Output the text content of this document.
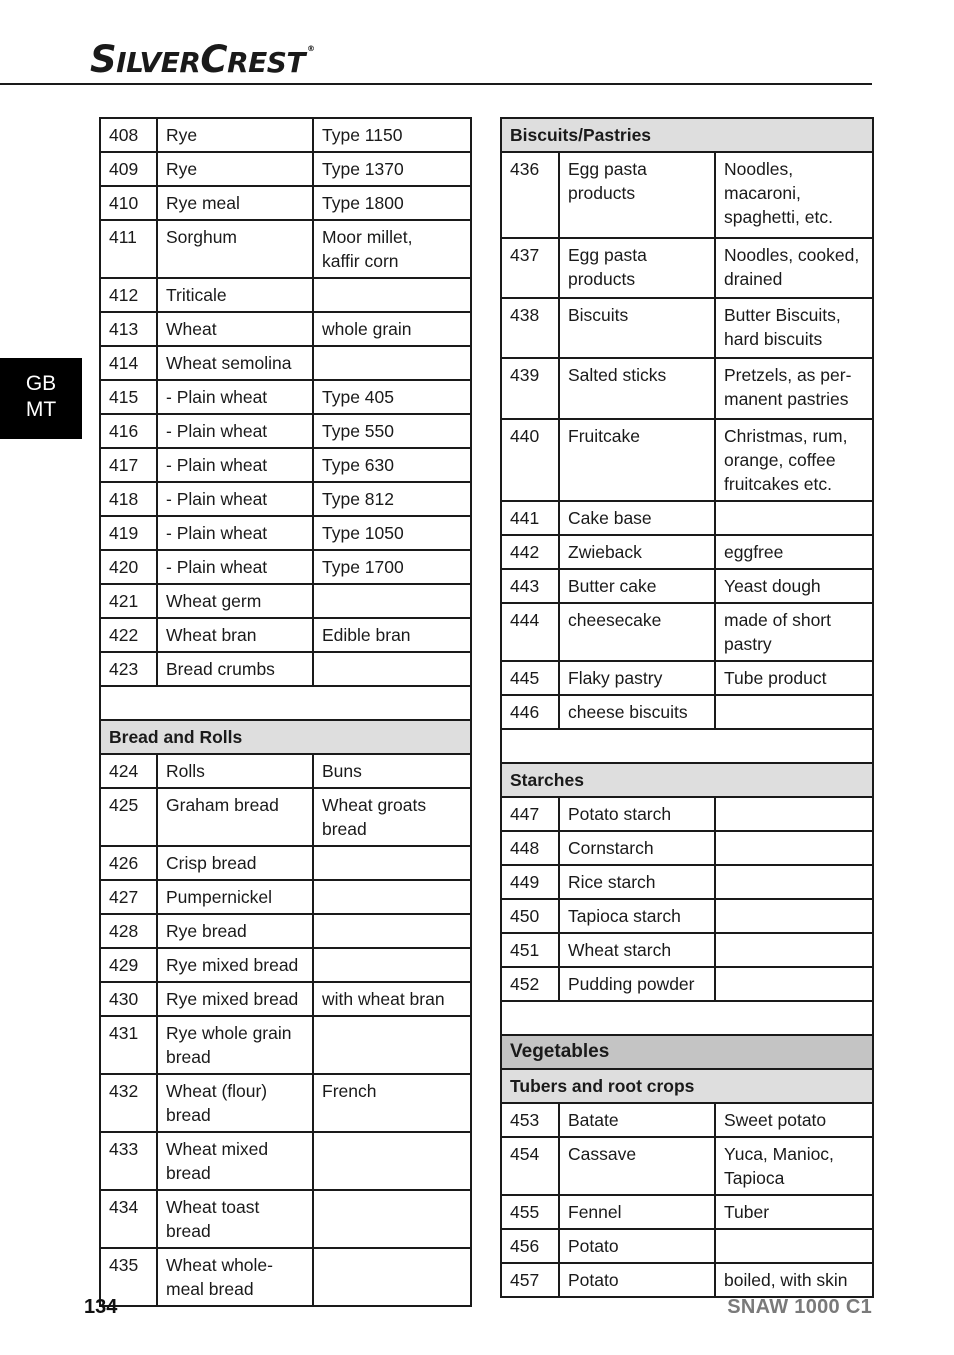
SILVERCREST ®
GB
MT
408	Rye	Type 1150
409	Rye	Type 1370
410	Rye meal	Type 1800
411	Sorghum	Moor millet,
kaffir corn
412	Triticale	
413	Wheat	whole grain
414	Wheat semolina	
415	- Plain wheat	Type 405
416	- Plain wheat	Type 550
417	- Plain wheat	Type 630
418	- Plain wheat	Type 812
419	- Plain wheat	Type 1050
420	- Plain wheat	Type 1700
421	Wheat germ	
422	Wheat bran	Edible bran
423	Bread crumbs	

Bread and Rolls		
424	Rolls	Buns
425	Graham bread	Wheat groats
bread
426	Crisp bread	
427	Pumpernickel	
428	Rye bread	
429	Rye mixed bread	
430	Rye mixed bread	with wheat bran
431	Rye whole grain
bread	
432	Wheat (flour)
bread	French
433	Wheat mixed
bread	
434	Wheat toast
bread	
435	Wheat whole-
meal bread	
Biscuits/Pastries		
436	Egg pasta
products	Noodles,
macaroni,
spaghetti, etc.
437	Egg pasta
products	Noodles, cooked,
drained
438	Biscuits	Butter Biscuits,
hard biscuits
439	Salted sticks	Pretzels, as per-
manent pastries
440	Fruitcake	Christmas, rum,
orange, coffee
fruitcakes etc.
441	Cake base	
442	Zwieback	eggfree
443	Butter cake	Yeast dough
444	cheesecake	made of short
pastry
445	Flaky pastry	Tube product
446	cheese biscuits	

Starches		
447	Potato starch	
448	Cornstarch	
449	Rice starch	
450	Tapioca starch	
451	Wheat starch	
452	Pudding powder	

Vegetables		
Tubers and root crops		
453	Batate	Sweet potato
454	Cassave	Yuca, Manioc,
Tapioca
455	Fennel	Tuber
456	Potato	
457	Potato	boiled, with skin
134	SNAW 1000 C1
